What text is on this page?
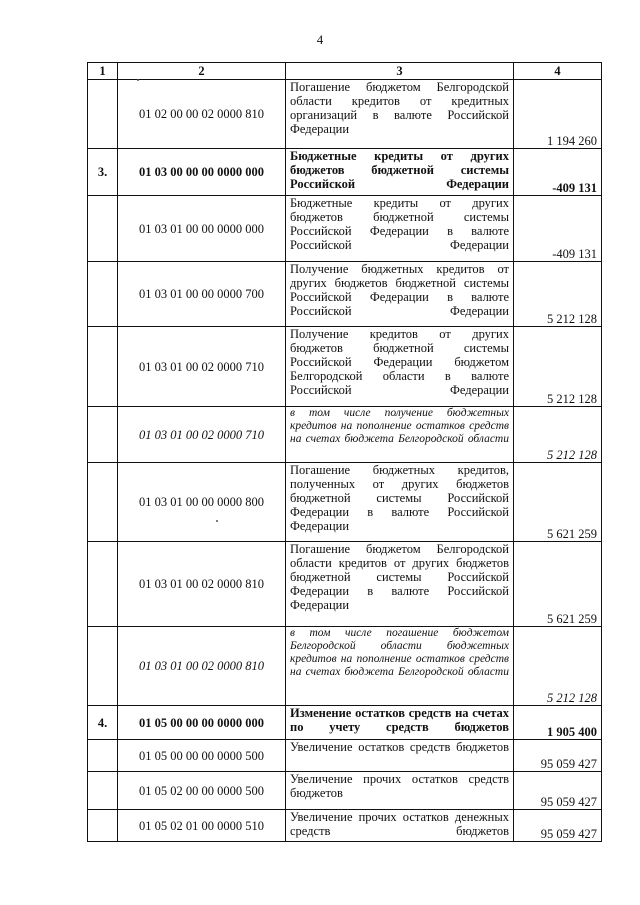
4
1	2	3	4
	01 02 00 00 02 0000 810	Погашение бюджетом Белгородской области кредитов от кредитных организаций в валюте Российской Федерации	1 194 260
3.	01 03 00 00 00 0000 000	Бюджетные кредиты от других бюджетов бюджетной системы Российской Федерации	-409 131
	01 03 01 00 00 0000 000	Бюджетные кредиты от других бюджетов бюджетной системы Российской Федерации в валюте Российской Федерации	-409 131
	01 03 01 00 00 0000 700	Получение бюджетных кредитов от других бюджетов бюджетной системы Российской Федерации в валюте Российской Федерации	5 212 128
	01 03 01 00 02 0000 710	Получение кредитов от других бюджетов бюджетной системы Российской Федерации бюджетом Белгородской области в валюте Российской Федерации	5 212 128
	01 03 01 00 02 0000 710	в том числе получение бюджетных кредитов на пополнение остатков средств на счетах бюджета Белгородской области	5 212 128
	01 03 01 00 00 0000 800	Погашение бюджетных кредитов, полученных от других бюджетов бюджетной системы Российской Федерации в валюте Российской Федерации	5 621 259
	01 03 01 00 02 0000 810	Погашение бюджетом Белгородской области кредитов от других бюджетов бюджетной системы Российской Федерации в валюте Российской Федерации	5 621 259
	01 03 01 00 02 0000 810	в том числе погашение бюджетом Белгородской области бюджетных кредитов на пополнение остатков средств на счетах бюджета Белгородской области	5 212 128
4.	01 05 00 00 00 0000 000	Изменение остатков средств на счетах по учету средств бюджетов	1 905 400
	01 05 00 00 00 0000 500	Увеличение остатков средств бюджетов	95 059 427
	01 05 02 00 00 0000 500	Увеличение прочих остатков средств бюджетов	95 059 427
	01 05 02 01 00 0000 510	Увеличение прочих остатков денежных средств бюджетов	95 059 427
